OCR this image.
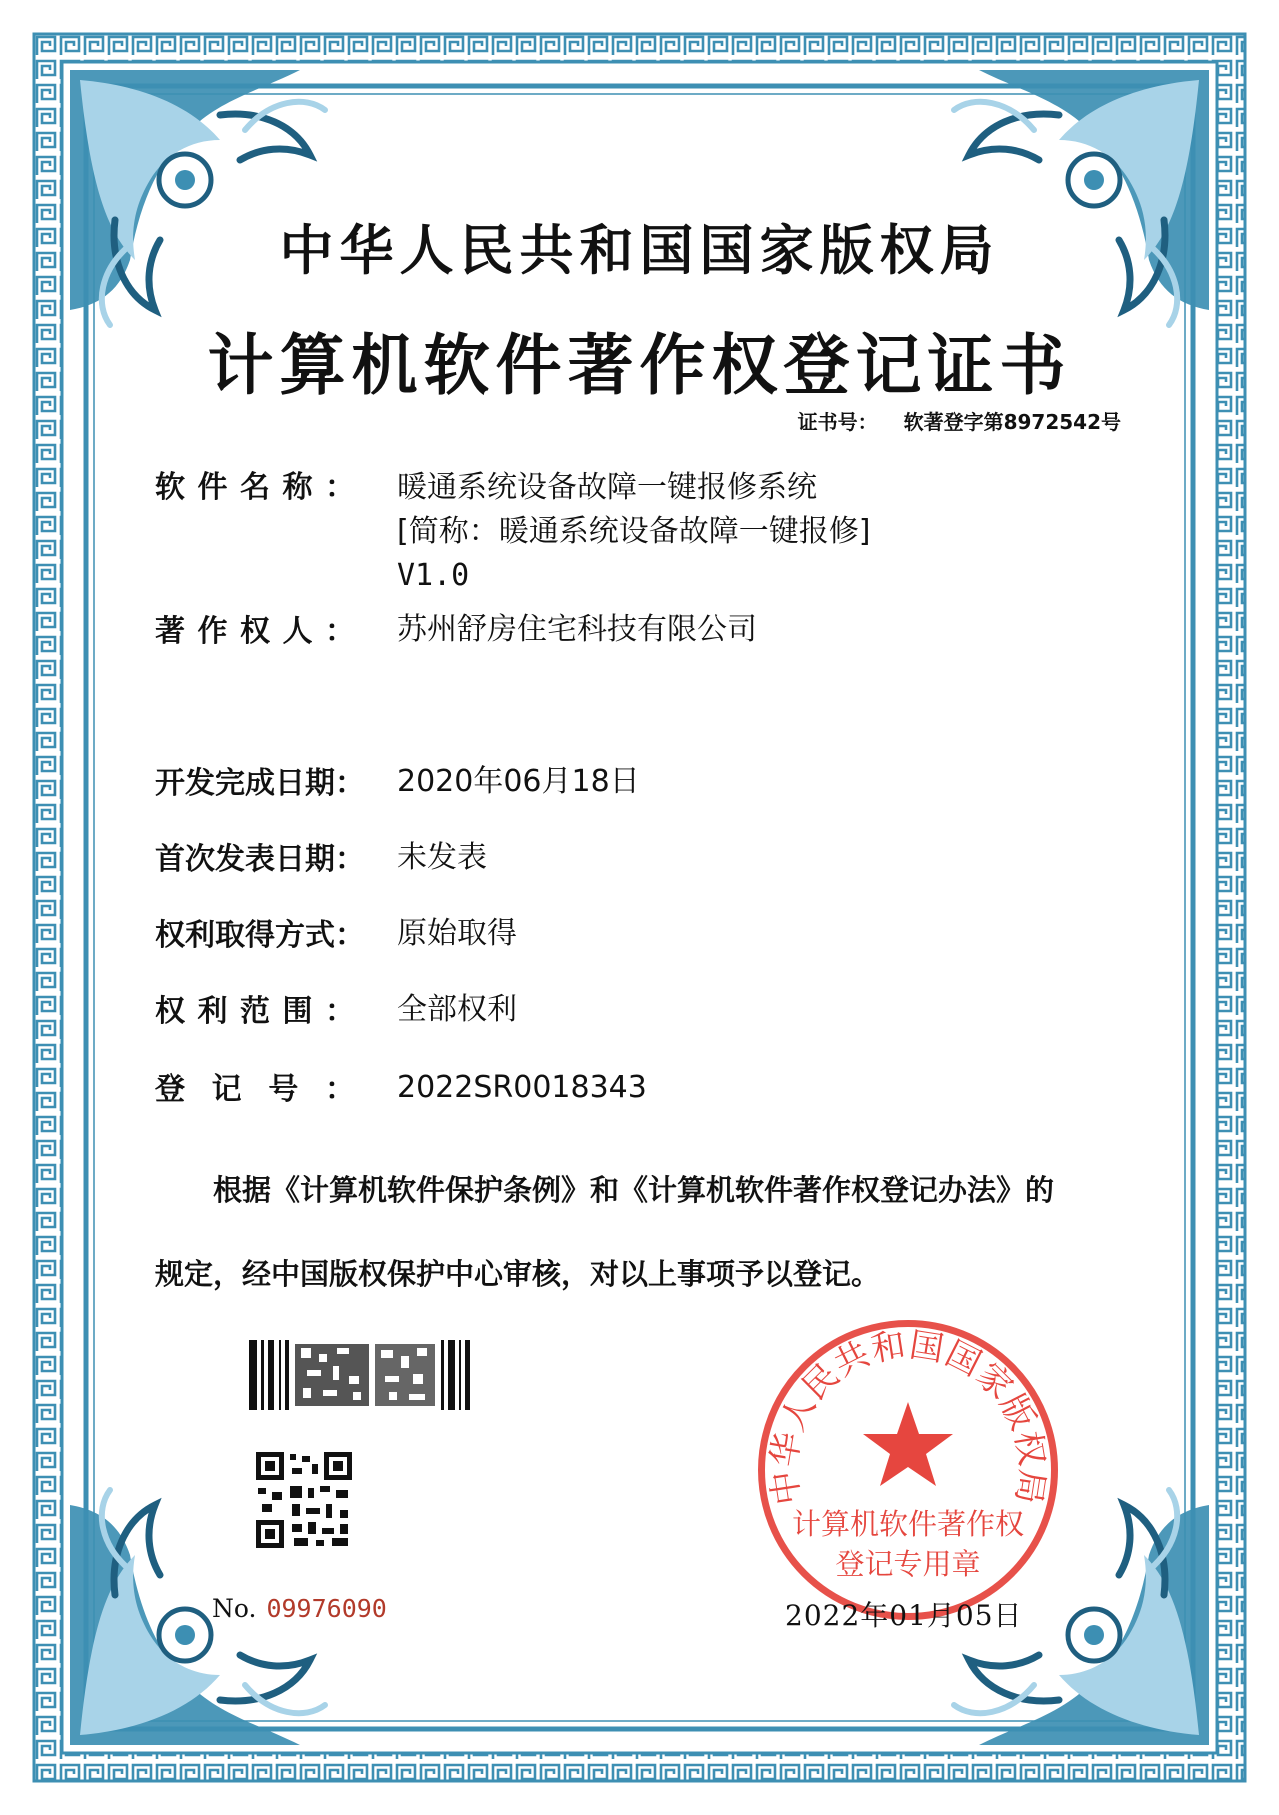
中华人民共和国国家版权局
计算机软件著作权登记证书
证书号： 软著登字第8972542号
软件名称： 暖通系统设备故障一键报修系统
[简称：暖通系统设备故障一键报修]
V1.0
著作权人： 苏州舒房住宅科技有限公司
开发完成日期： 2020年06月18日
首次发表日期： 未发表
权利取得方式： 原始取得
权利范围： 全部权利
登记号： 2022SR0018343
根据《计算机软件保护条例》和《计算机软件著作权登记办法》的
规定，经中国版权保护中心审核，对以上事项予以登记。
中华人民共和国国家版权局
计算机软件著作权
登记专用章
No. 09976090	2022年01月05日
